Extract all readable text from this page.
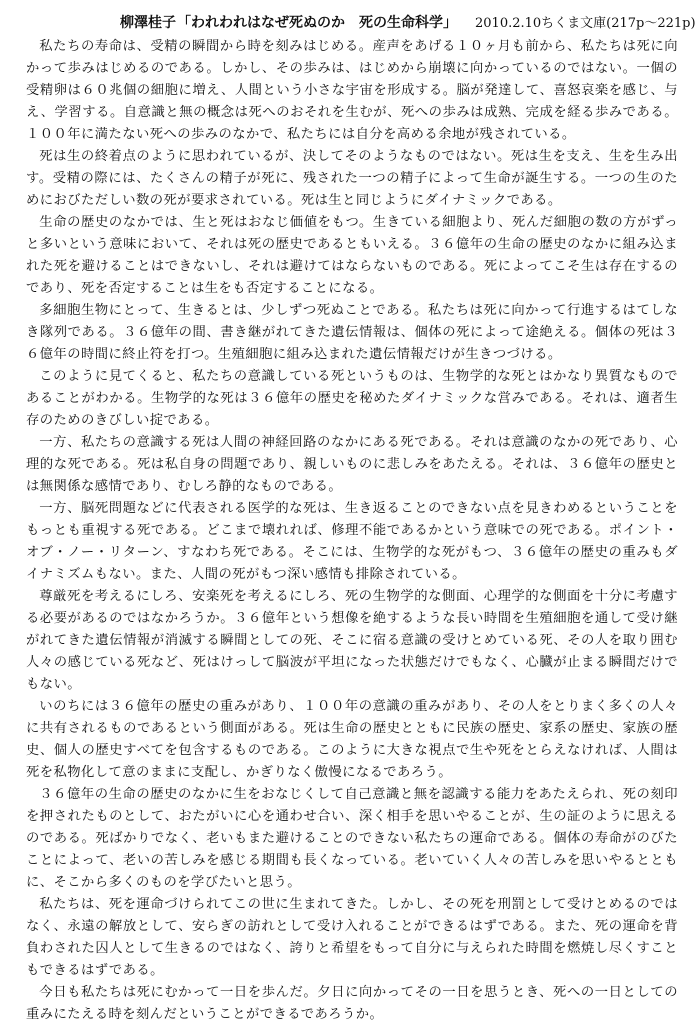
柳澤桂子 「われわれはなぜ死ぬのか　死の生命科学」 2010.2.10ちくま文庫(217p～221p)

私たちの寿命は、受精の瞬間から時を刻みはじめる。産声をあげる１０ヶ月も前から、私たちは死に向かって歩みはじめるのである。しかし、その歩みは、はじめから崩壊に向かっているのではない。一個の受精卵は６０兆個の細胞に増え、人間という小さな宇宙を形成する。脳が発達して、喜怒哀楽を感じ、与え、学習する。自意識と無の概念は死へのおそれを生むが、死への歩みは成熟、完成を経る歩みである。１００年に満たない死への歩みのなかで、私たちには自分を高める余地が残されている。

死は生の終着点のように思われているが、決してそのようなものではない。死は生を支え、生を生み出す。受精の際には、たくさんの精子が死に、残された一つの精子によって生命が誕生する。一つの生のためにおびただしい数の死が要求されている。死は生と同じようにダイナミックである。

生命の歴史のなかでは、生と死はおなじ価値をもつ。生きている細胞より、死んだ細胞の数の方がずっと多いという意味において、それは死の歴史であるともいえる。３６億年の生命の歴史のなかに組み込まれた死を避けることはできないし、それは避けてはならないものである。死によってこそ生は存在するのであり、死を否定することは生をも否定することになる。

多細胞生物にとって、生きるとは、少しずつ死ぬことである。私たちは死に向かって行進するはてしなき隊列である。３６億年の間、書き継がれてきた遺伝情報は、個体の死によって途絶える。個体の死は３６億年の時間に終止符を打つ。生殖細胞に組み込まれた遺伝情報だけが生きつづける。

このように見てくると、私たちの意識している死というものは、生物学的な死とはかなり異質なものであることがわかる。生物学的な死は３６億年の歴史を秘めたダイナミックな営みである。それは、適者生存のためのきびしい掟である。

一方、私たちの意識する死は人間の神経回路のなかにある死である。それは意識のなかの死であり、心理的な死である。死は私自身の問題であり、親しいものに悲しみをあたえる。それは、３６億年の歴史とは無関係な感情であり、むしろ静的なものである。

一方、脳死問題などに代表される医学的な死は、生き返ることのできない点を見きわめるということをもっとも重視する死である。どこまで壊れれば、修理不能であるかという意味での死である。ポイント・オブ・ノー・リターン、すなわち死である。そこには、生物学的な死がもつ、３６億年の歴史の重みもダイナミズムもない。また、人間の死がもつ深い感情も排除されている。

尊厳死を考えるにしろ、安楽死を考えるにしろ、死の生物学的な側面、心理学的な側面を十分に考慮する必要があるのではなかろうか。３６億年という想像を絶するような長い時間を生殖細胞を通して受け継がれてきた遺伝情報が消滅する瞬間としての死、そこに宿る意識の受けとめている死、その人を取り囲む人々の感じている死など、死はけっして脳波が平坦になった状態だけでもなく、心臓が止まる瞬間だけでもない。

いのちには３６億年の歴史の重みがあり、１００年の意識の重みがあり、その人をとりまく多くの人々に共有されるものであるという側面がある。死は生命の歴史とともに民族の歴史、家系の歴史、家族の歴史、個人の歴史すべてを包含するものである。このように大きな視点で生や死をとらえなければ、人間は死を私物化して意のままに支配し、かぎりなく傲慢になるであろう。

３６億年の生命の歴史のなかに生をおなじくして自己意識と無を認識する能力をあたえられ、死の刻印を押されたものとして、おたがいに心を通わせ合い、深く相手を思いやることが、生の証のように思えるのである。死ばかりでなく、老いもまた避けることのできない私たちの運命である。個体の寿命がのびたことによって、老いの苦しみを感じる期間も長くなっている。老いていく人々の苦しみを思いやるとともに、そこから多くのものを学びたいと思う。

私たちは、死を運命づけられてこの世に生まれてきた。しかし、その死を刑罰として受けとめるのではなく、永遠の解放として、安らぎの訪れとして受け入れることができるはずである。また、死の運命を背負わされた囚人として生きるのではなく、誇りと希望をもって自分に与えられた時間を燃焼し尽くすこともできるはずである。

今日も私たちは死にむかって一日を歩んだ。夕日に向かってその一日を思うとき、死への一日としての重みにたえる時を刻んだということができるであろうか。
